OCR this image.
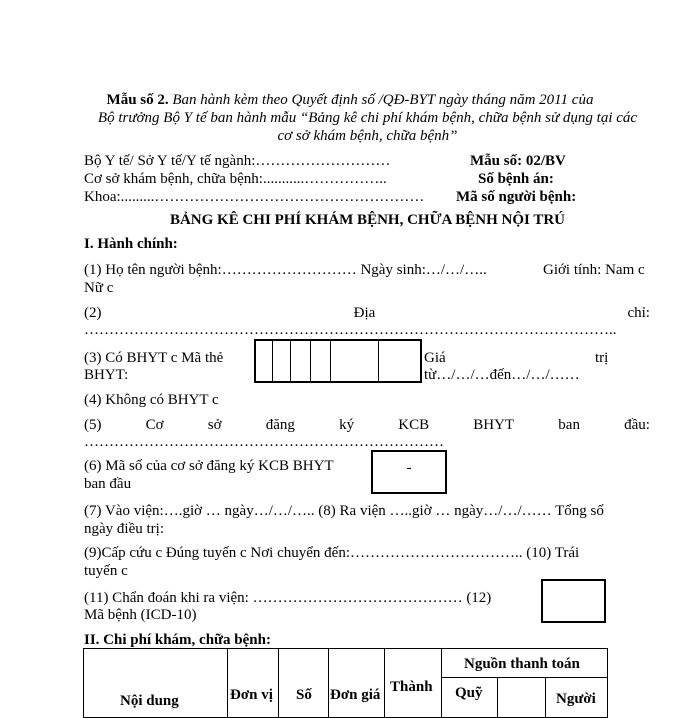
Mẫu số 2. Ban hành kèm theo Quyết định số /QĐ-BYT ngày tháng năm 2011 của
Bộ trưởng Bộ Y tế ban hành mẫu “Bảng kê chi phí khám bệnh, chữa bệnh sử dụng tại các
cơ sở khám bệnh, chữa bệnh”
Bộ Y tế/ Sở Y tế/Y tế ngành:………………………	Mẫu số: 02/BV
Cơ sở khám bệnh, chữa bệnh:...........……………..	Số bệnh án:
Khoa:.........……………………………………………… Mã số người bệnh:
BẢNG KÊ CHI PHÍ KHÁM BỆNH, CHỮA BỆNH NỘI TRÚ
I. Hành chính:
(1) Họ tên người bệnh:……………………… Ngày sinh:…/…/…..	Giới tính: Nam c
Nữ c
(2)	Địa	chỉ:
……………………………………………………………………………………………..
(3) Có BHYT c Mã thẻ
BHYT:
Giá	trị
từ…/…/…đến…/…/……
(4) Không có BHYT c
(5)	Cơ	sở	đăng	ký	KCB	BHYT	ban	đầu:
………………………………………………………………
(6) Mã số của cơ sở đăng ký KCB BHYT
ban đầu
-
(7) Vào viện:….giờ … ngày…/…/….. (8) Ra viện …..giờ … ngày…/…/…… Tổng số
ngày điều trị:
(9)Cấp cứu c Đúng tuyến c Nơi chuyển đến:…………………………….. (10) Trái
tuyến c
(11) Chẩn đoán khi ra viện: …………………………………… (12)
Mã bệnh (ICD-10)
II. Chi phí khám, chữa bệnh:
Nội dung	Đơn vị Số Đơn giá Thành
Nguồn thanh toán
Quỹ	Người
